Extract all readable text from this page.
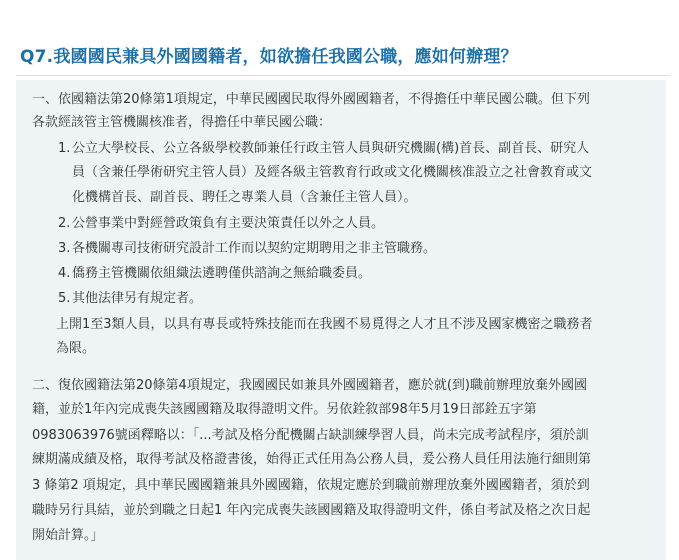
Q7.我國國民兼具外國國籍者，如欲擔任我國公職，應如何辦理？
一、依國籍法第20條第1項規定，中華民國國民取得外國國籍者，不得擔任中華民國公職。但下列
各款經該管主管機關核准者，得擔任中華民國公職：
1. 公立大學校長、公立各級學校教師兼任行政主管人員與研究機關(構)首長、副首長、研究人
員（含兼任學術研究主管人員）及經各級主管教育行政或文化機關核准設立之社會教育或文
化機構首長、副首長、聘任之專業人員（含兼任主管人員）。
2. 公營事業中對經營政策負有主要決策責任以外之人員。
3. 各機關專司技術研究設計工作而以契約定期聘用之非主管職務。
4. 僑務主管機關依組織法遴聘僅供諮詢之無給職委員。
5. 其他法律另有規定者。
上開1至3類人員，以具有專長或特殊技能而在我國不易覓得之人才且不涉及國家機密之職務者
為限。
二、復依國籍法第20條第4項規定，我國國民如兼具外國國籍者，應於就(到)職前辦理放棄外國國
籍，並於1年內完成喪失該國國籍及取得證明文件。另依銓敘部98年5月19日部銓五字第
0983063976號函釋略以：「...考試及格分配機關占缺訓練學習人員，尚未完成考試程序，須於訓
練期滿成績及格，取得考試及格證書後，始得正式任用為公務人員，爰公務人員任用法施行細則第
3 條第2 項規定，具中華民國國籍兼具外國國籍，依規定應於到職前辦理放棄外國國籍者，須於到
職時另行具結，並於到職之日起1 年內完成喪失該國國籍及取得證明文件，係自考試及格之次日起
開始計算。」
